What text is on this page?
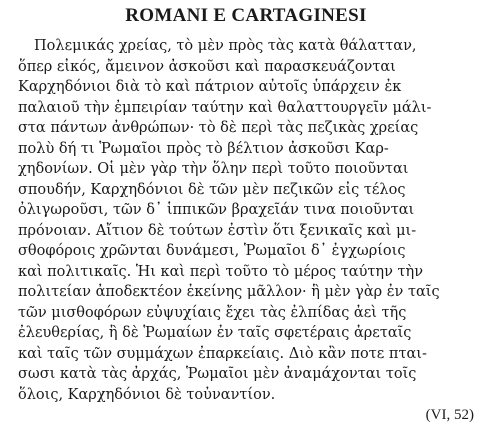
ROMANI E CARTAGINESI
Πολεμικάς χρείας, τὸ μὲν πρὸς τὰς κατὰ θάλατταν,
ὅπερ εἰκός, ἄμεινον ἀσκοῦσι καὶ παρασκευάζονται
Καρχηδόνιοι διὰ τὸ καὶ πάτριον αὐτοῖς ὑπάρχειν ἐκ
παλαιοῦ τὴν ἐμπειρίαν ταύτην καὶ θαλαττουργεῖν μάλι-
στα πάντων ἀνθρώπων· τὸ δὲ περὶ τὰς πεζικὰς χρείας
πολὺ δή τι Ῥωμαῖοι πρὸς τὸ βέλτιον ἀσκοῦσι Καρ-
χηδονίων. Οἱ μὲν γὰρ τὴν ὅλην περὶ τοῦτο ποιοῦνται
σπουδήν, Καρχηδόνιοι δὲ τῶν μὲν πεζικῶν εἰς τέλος
ὀλιγωροῦσι, τῶν δ᾽ ἱππικῶν βραχεῖάν τινα ποιοῦνται
πρόνοιαν. Αἴτιον δὲ τούτων ἐστὶν ὅτι ξενικαῖς καὶ μι-
σθοφόροις χρῶνται δυνάμεσι, Ῥωμαῖοι δ᾽ ἐγχωρίοις
καὶ πολιτικαῖς. Ἡι καὶ περὶ τοῦτο τὸ μέρος ταύτην τὴν
πολιτείαν ἀποδεκτέον ἐκείνης μᾶλλον· ἣ μὲν γὰρ ἐν ταῖς
τῶν μισθοφόρων εὐψυχίαις ἔχει τὰς ἐλπίδας ἀεὶ τῆς
ἐλευθερίας, ἣ δὲ Ῥωμαίων ἐν ταῖς σφετέραις ἀρεταῖς
καὶ ταῖς τῶν συμμάχων ἐπαρκείαις. Διὸ κἂν ποτε πται-
σωσι κατὰ τὰς ἀρχάς, Ῥωμαῖοι μὲν ἀναμάχονται τοῖς
ὅλοις, Καρχηδόνιοι δὲ τοὐναντίον.

(VI, 52)
